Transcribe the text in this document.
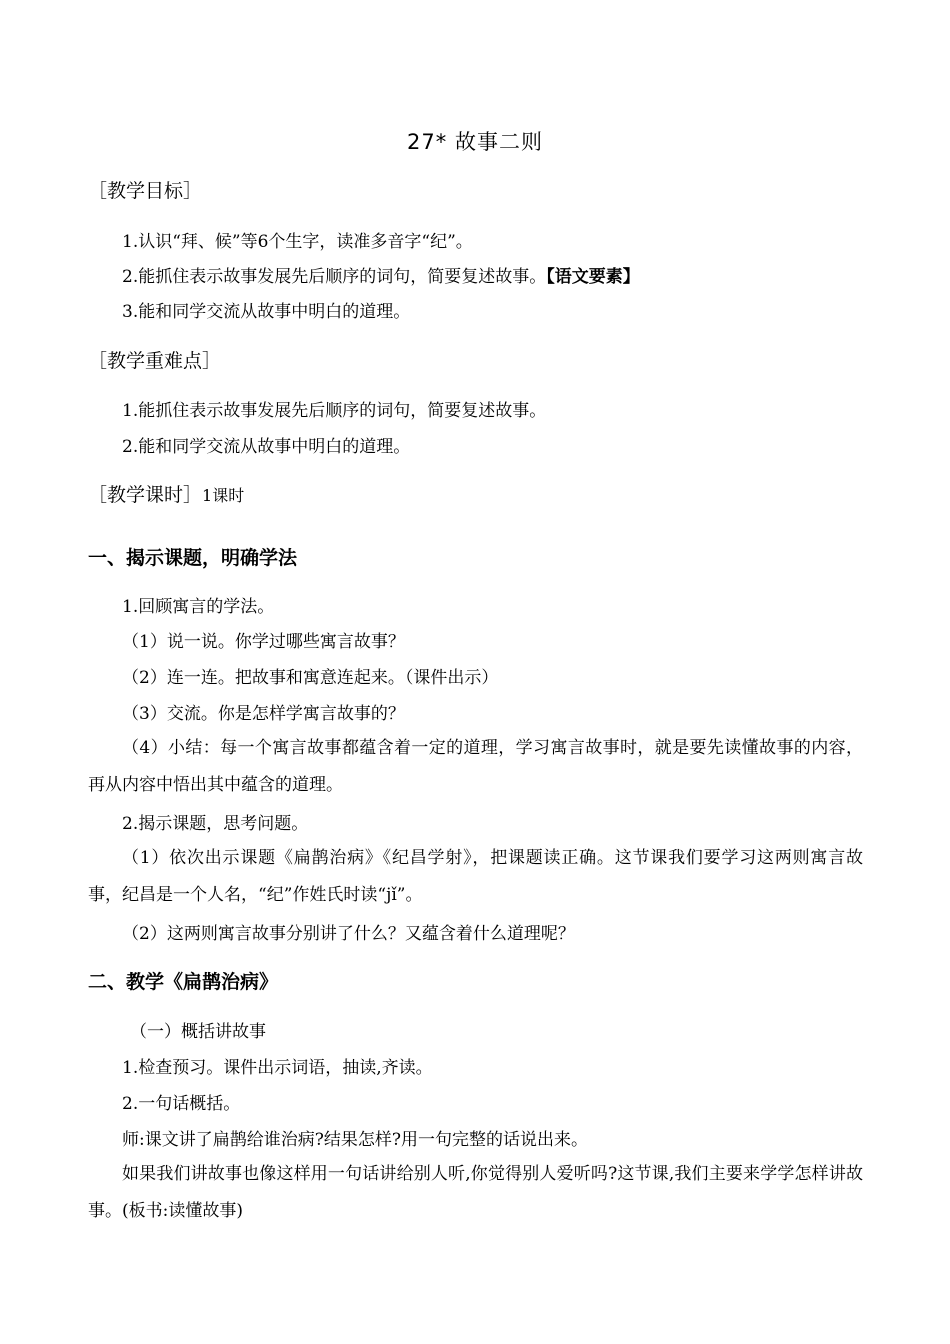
27* 故事二则
［教学目标］
1.认识“拜、候”等6个生字，读准多音字“纪”。
2.能抓住表示故事发展先后顺序的词句，简要复述故事。【语文要素】
3.能和同学交流从故事中明白的道理。
［教学重难点］
1.能抓住表示故事发展先后顺序的词句，简要复述故事。
2.能和同学交流从故事中明白的道理。
［教学课时］1课时
一、揭示课题，明确学法
1.回顾寓言的学法。
（1）说一说。你学过哪些寓言故事？
（2）连一连。把故事和寓意连起来。（课件出示）
（3）交流。你是怎样学寓言故事的？
（4）小结：每一个寓言故事都蕴含着一定的道理，学习寓言故事时，就是要先读懂故事的内容，再从内容中悟出其中蕴含的道理。
2.揭示课题，思考问题。
（1）依次出示课题《扁鹊治病》《纪昌学射》，把课题读正确。这节课我们要学习这两则寓言故事，纪昌是一个人名，“纪”作姓氏时读“jǐ”。
（2）这两则寓言故事分别讲了什么？又蕴含着什么道理呢？
二、教学《扁鹊治病》
（一）概括讲故事
1.检查预习。课件出示词语，抽读,齐读。
2.一句话概括。
师:课文讲了扁鹊给谁治病?结果怎样?用一句完整的话说出来。
如果我们讲故事也像这样用一句话讲给别人听,你觉得别人爱听吗?这节课,我们主要来学学怎样讲故事。(板书:读懂故事)
